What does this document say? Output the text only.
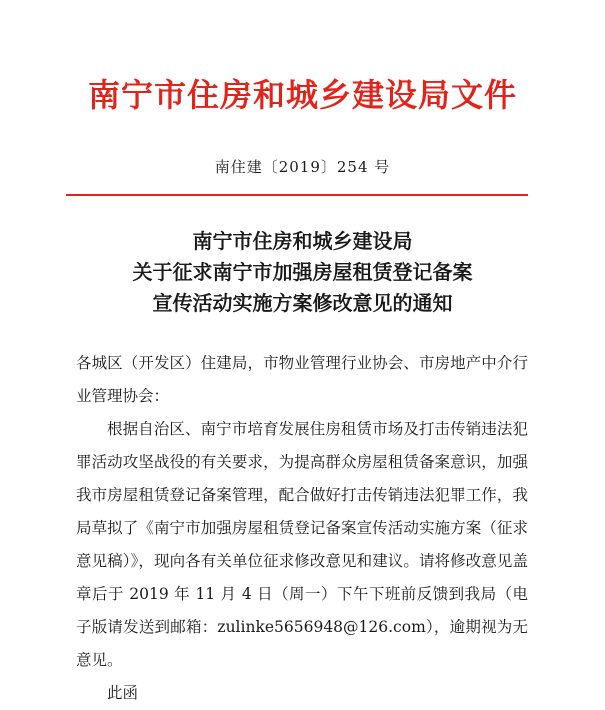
南宁市住房和城乡建设局文件
南住建〔2019〕254 号
南宁市住房和城乡建设局
关于征求南宁市加强房屋租赁登记备案
宣传活动实施方案修改意见的通知

各城区（开发区）住建局，市物业管理行业协会、市房地产中介行业管理协会：

根据自治区、南宁市培育发展住房租赁市场及打击传销违法犯罪活动攻坚战役的有关要求，为提高群众房屋租赁备案意识，加强我市房屋租赁登记备案管理，配合做好打击传销违法犯罪工作，我局草拟了《南宁市加强房屋租赁登记备案宣传活动实施方案（征求意见稿）》，现向各有关单位征求修改意见和建议。请将修改意见盖章后于 2019 年 11 月 4 日（周一）下午下班前反馈到我局（电子版请发送到邮箱：zulinke5656948@126.com），逾期视为无意见。

此函
